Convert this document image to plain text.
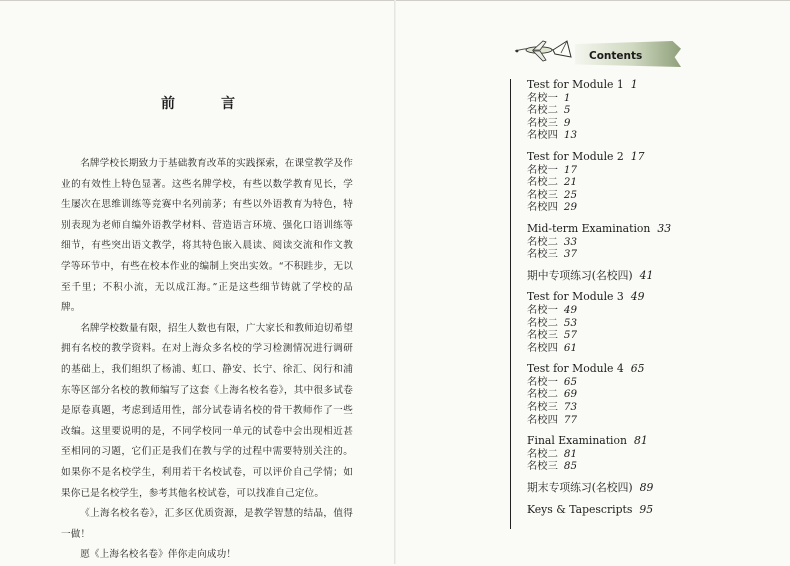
前　言

名牌学校长期致力于基础教育改革的实践探索，在课堂教学及作业的有效性上特色显著。这些名牌学校，有些以数学教育见长，学生屡次在思维训练等竞赛中名列前茅；有些以外语教育为特色，特别表现为老师自编外语教学材料、营造语言环境、强化口语训练等细节，有些突出语文教学，将其特色嵌入晨读、阅读交流和作文教学等环节中，有些在校本作业的编制上突出实效。“不积跬步，无以至千里；不积小流，无以成江海。”正是这些细节铸就了学校的品牌。

名牌学校数量有限，招生人数也有限，广大家长和教师迫切希望拥有名校的教学资料。在对上海众多名校的学习检测情况进行调研的基础上，我们组织了杨浦、虹口、静安、长宁、徐汇、闵行和浦东等区部分名校的教师编写了这套《上海名校名卷》，其中很多试卷是原卷真题，考虑到适用性，部分试卷请名校的骨干教师作了一些改编。这里要说明的是，不同学校同一单元的试卷中会出现相近甚至相同的习题，它们正是我们在教与学的过程中需要特别关注的。如果你不是名校学生，利用若干名校试卷，可以评价自己学情；如果你已是名校学生，参考其他名校试卷，可以找准自己定位。

《上海名校名卷》，汇多区优质资源，是教学智慧的结晶，值得一做！

愿《上海名校名卷》伴你走向成功！

Contents
Test for Module 1 1
名校一 1
名校二 5
名校三 9
名校四 13
Test for Module 2 17
名校一 17
名校二 21
名校三 25
名校四 29
Mid-term Examination 33
名校二 33
名校三 37
期中专项练习(名校四) 41
Test for Module 3 49
名校一 49
名校二 53
名校三 57
名校四 61
Test for Module 4 65
名校一 65
名校二 69
名校三 73
名校四 77
Final Examination 81
名校二 81
名校三 85
期末专项练习(名校四) 89
Keys & Tapescripts 95
